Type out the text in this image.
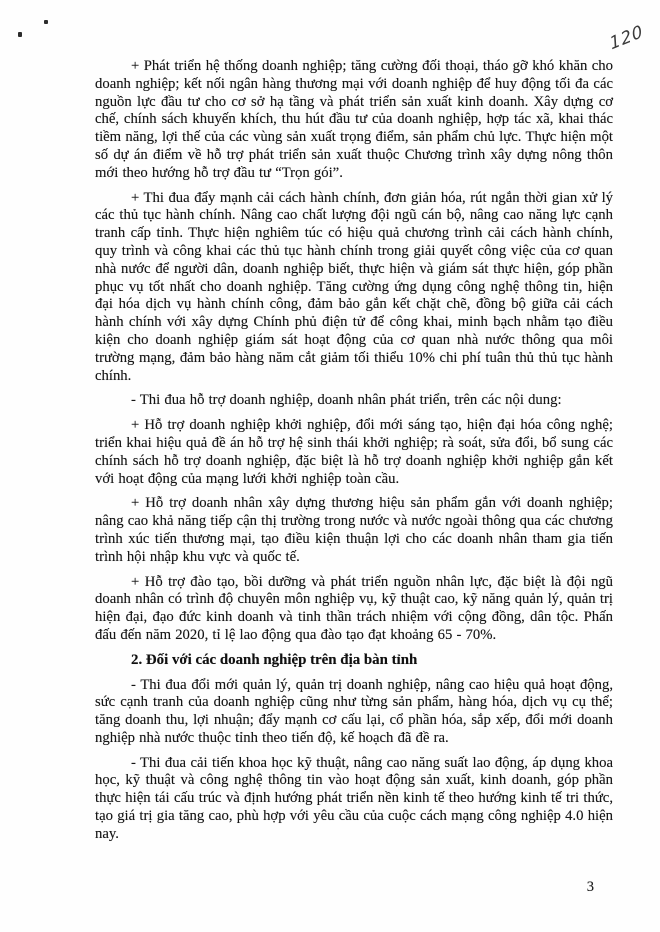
120

+ Phát triển hệ thống doanh nghiệp; tăng cường đối thoại, tháo gỡ khó khăn cho doanh nghiệp; kết nối ngân hàng thương mại với doanh nghiệp để huy động tối đa các nguồn lực đầu tư cho cơ sở hạ tầng và phát triển sản xuất kinh doanh. Xây dựng cơ chế, chính sách khuyến khích, thu hút đầu tư của doanh nghiệp, hợp tác xã, khai thác tiềm năng, lợi thế của các vùng sản xuất trọng điểm, sản phẩm chủ lực. Thực hiện một số dự án điểm về hỗ trợ phát triển sản xuất thuộc Chương trình xây dựng nông thôn mới theo hướng hỗ trợ đầu tư “Trọn gói”.

+ Thi đua đẩy mạnh cải cách hành chính, đơn giản hóa, rút ngắn thời gian xử lý các thủ tục hành chính. Nâng cao chất lượng đội ngũ cán bộ, nâng cao năng lực cạnh tranh cấp tỉnh. Thực hiện nghiêm túc có hiệu quả chương trình cải cách hành chính, quy trình và công khai các thủ tục hành chính trong giải quyết công việc của cơ quan nhà nước để người dân, doanh nghiệp biết, thực hiện và giám sát thực hiện, góp phần phục vụ tốt nhất cho doanh nghiệp. Tăng cường ứng dụng công nghệ thông tin, hiện đại hóa dịch vụ hành chính công, đảm bảo gắn kết chặt chẽ, đồng bộ giữa cải cách hành chính với xây dựng Chính phủ điện tử để công khai, minh bạch nhằm tạo điều kiện cho doanh nghiệp giám sát hoạt động của cơ quan nhà nước thông qua môi trường mạng, đảm bảo hàng năm cắt giảm tối thiểu 10% chi phí tuân thủ thủ tục hành chính.

- Thi đua hỗ trợ doanh nghiệp, doanh nhân phát triển, trên các nội dung:

+ Hỗ trợ doanh nghiệp khởi nghiệp, đổi mới sáng tạo, hiện đại hóa công nghệ; triển khai hiệu quả đề án hỗ trợ hệ sinh thái khởi nghiệp; rà soát, sửa đổi, bổ sung các chính sách hỗ trợ doanh nghiệp, đặc biệt là hỗ trợ doanh nghiệp khởi nghiệp gắn kết với hoạt động của mạng lưới khởi nghiệp toàn cầu.

+ Hỗ trợ doanh nhân xây dựng thương hiệu sản phẩm gắn với doanh nghiệp; nâng cao khả năng tiếp cận thị trường trong nước và nước ngoài thông qua các chương trình xúc tiến thương mại, tạo điều kiện thuận lợi cho các doanh nhân tham gia tiến trình hội nhập khu vực và quốc tế.

+ Hỗ trợ đào tạo, bồi dưỡng và phát triển nguồn nhân lực, đặc biệt là đội ngũ doanh nhân có trình độ chuyên môn nghiệp vụ, kỹ thuật cao, kỹ năng quản lý, quản trị hiện đại, đạo đức kinh doanh và tinh thần trách nhiệm với cộng đồng, dân tộc. Phấn đấu đến năm 2020, tỉ lệ lao động qua đào tạo đạt khoảng 65 - 70%.

2. Đối với các doanh nghiệp trên địa bàn tỉnh

- Thi đua đổi mới quản lý, quản trị doanh nghiệp, nâng cao hiệu quả hoạt động, sức cạnh tranh của doanh nghiệp cũng như từng sản phẩm, hàng hóa, dịch vụ cụ thể; tăng doanh thu, lợi nhuận; đẩy mạnh cơ cấu lại, cổ phần hóa, sắp xếp, đổi mới doanh nghiệp nhà nước thuộc tỉnh theo tiến độ, kế hoạch đã đề ra.

- Thi đua cải tiến khoa học kỹ thuật, nâng cao năng suất lao động, áp dụng khoa học, kỹ thuật và công nghệ thông tin vào hoạt động sản xuất, kinh doanh, góp phần thực hiện tái cấu trúc và định hướng phát triển nền kinh tế theo hướng kinh tế tri thức, tạo giá trị gia tăng cao, phù hợp với yêu cầu của cuộc cách mạng công nghiệp 4.0 hiện nay.

3
